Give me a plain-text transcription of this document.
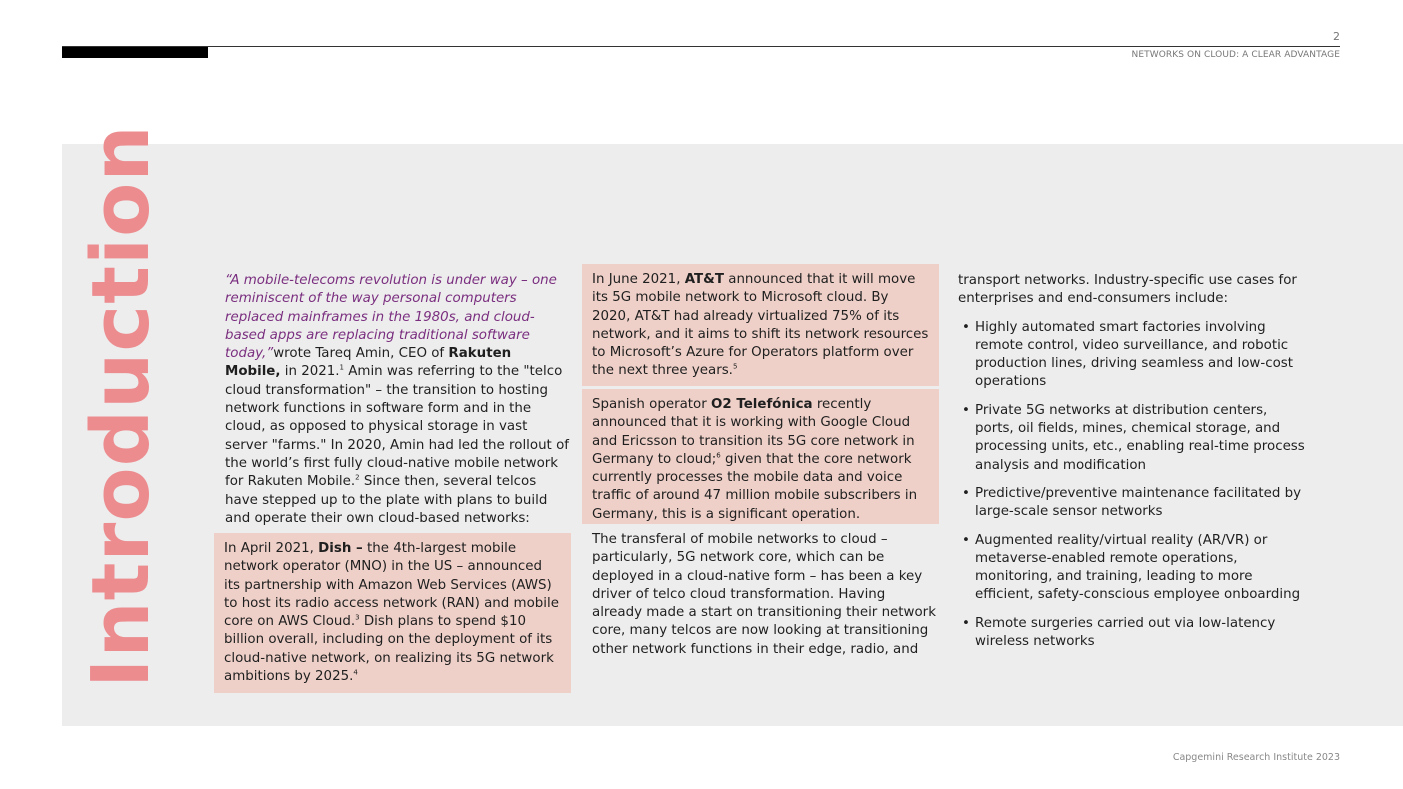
2
NETWORKS ON CLOUD: A CLEAR ADVANTAGE
Introduction	“A mobile-telecoms revolution is under way – one reminiscent of the way personal computers replaced mainframes in the 1980s, and cloud-based apps are replacing traditional software today,”wrote Tareq Amin, CEO of Rakuten Mobile, in 2021.$^1$ Amin was referring to the "telco cloud transformation" – the transition to hosting network functions in software form and in the cloud, as opposed to physical storage in vast server "farms." In 2020, Amin had led the rollout of the world’s first fully cloud-native mobile network for Rakuten Mobile.$^2$ Since then, several telcos have stepped up to the plate with plans to build and operate their own cloud-based networks:
In April 2021, Dish – the 4th-largest mobile network operator (MNO) in the US – announced its partnership with Amazon Web Services (AWS) to host its radio access network (RAN) and mobile core on AWS Cloud.$^3$ Dish plans to spend $10 billion overall, including on the deployment of its cloud-native network, on realizing its 5G network ambitions by 2025.$^4$
In June 2021, AT&T announced that it will move its 5G mobile network to Microsoft cloud. By 2020, AT&T had already virtualized 75% of its network, and it aims to shift its network resources to Microsoft’s Azure for Operators platform over the next three years.$^5$
Spanish operator O2 Telefónica recently announced that it is working with Google Cloud and Ericsson to transition its 5G core network in Germany to cloud;$^6$ given that the core network currently processes the mobile data and voice traffic of around 47 million mobile subscribers in Germany, this is a significant operation.
The transferal of mobile networks to cloud – particularly, 5G network core, which can be deployed in a cloud-native form – has been a key driver of telco cloud transformation. Having already made a start on transitioning their network core, many telcos are now looking at transitioning other network functions in their edge, radio, and
transport networks. Industry-specific use cases for enterprises and end-consumers include:
• Highly automated smart factories involving remote control, video surveillance, and robotic production lines, driving seamless and low-cost operations
• Private 5G networks at distribution centers, ports, oil fields, mines, chemical storage, and processing units, etc., enabling real-time process analysis and modification
• Predictive/preventive maintenance facilitated by large-scale sensor networks
• Augmented reality/virtual reality (AR/VR) or metaverse-enabled remote operations, monitoring, and training, leading to more efficient, safety-conscious employee onboarding
• Remote surgeries carried out via low-latency wireless networks
Capgemini Research Institute 2023
